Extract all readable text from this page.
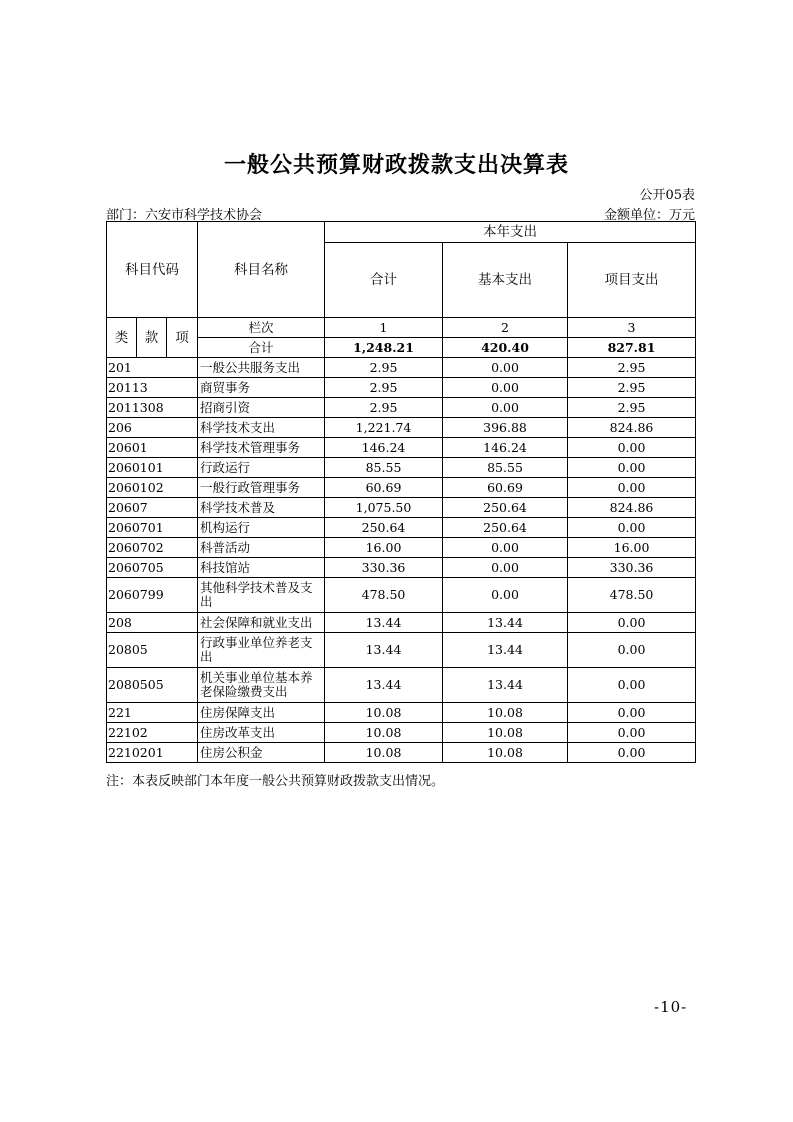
一般公共预算财政拨款支出决算表
公开05表
部门：六安市科学技术协会	金额单位：万元
科目代码			科目名称	本年支出		
				合计	基本支出	项目支出
类	款	项	栏次	1	2	3
			合计	1,248.21	420.40	827.81
201			一般公共服务支出	2.95	0.00	2.95
20113			商贸事务	2.95	0.00	2.95
2011308			招商引资	2.95	0.00	2.95
206			科学技术支出	1,221.74	396.88	824.86
20601			科学技术管理事务	146.24	146.24	0.00
2060101			行政运行	85.55	85.55	0.00
2060102			一般行政管理事务	60.69	60.69	0.00
20607			科学技术普及	1,075.50	250.64	824.86
2060701			机构运行	250.64	250.64	0.00
2060702			科普活动	16.00	0.00	16.00
2060705			科技馆站	330.36	0.00	330.36
2060799			其他科学技术普及支出	478.50	0.00	478.50
208			社会保障和就业支出	13.44	13.44	0.00
20805			行政事业单位养老支出	13.44	13.44	0.00
2080505			机关事业单位基本养老保险缴费支出	13.44	13.44	0.00
221			住房保障支出	10.08	10.08	0.00
22102			住房改革支出	10.08	10.08	0.00
2210201			住房公积金	10.08	10.08	0.00
注：本表反映部门本年度一般公共预算财政拨款支出情况。
-10-
